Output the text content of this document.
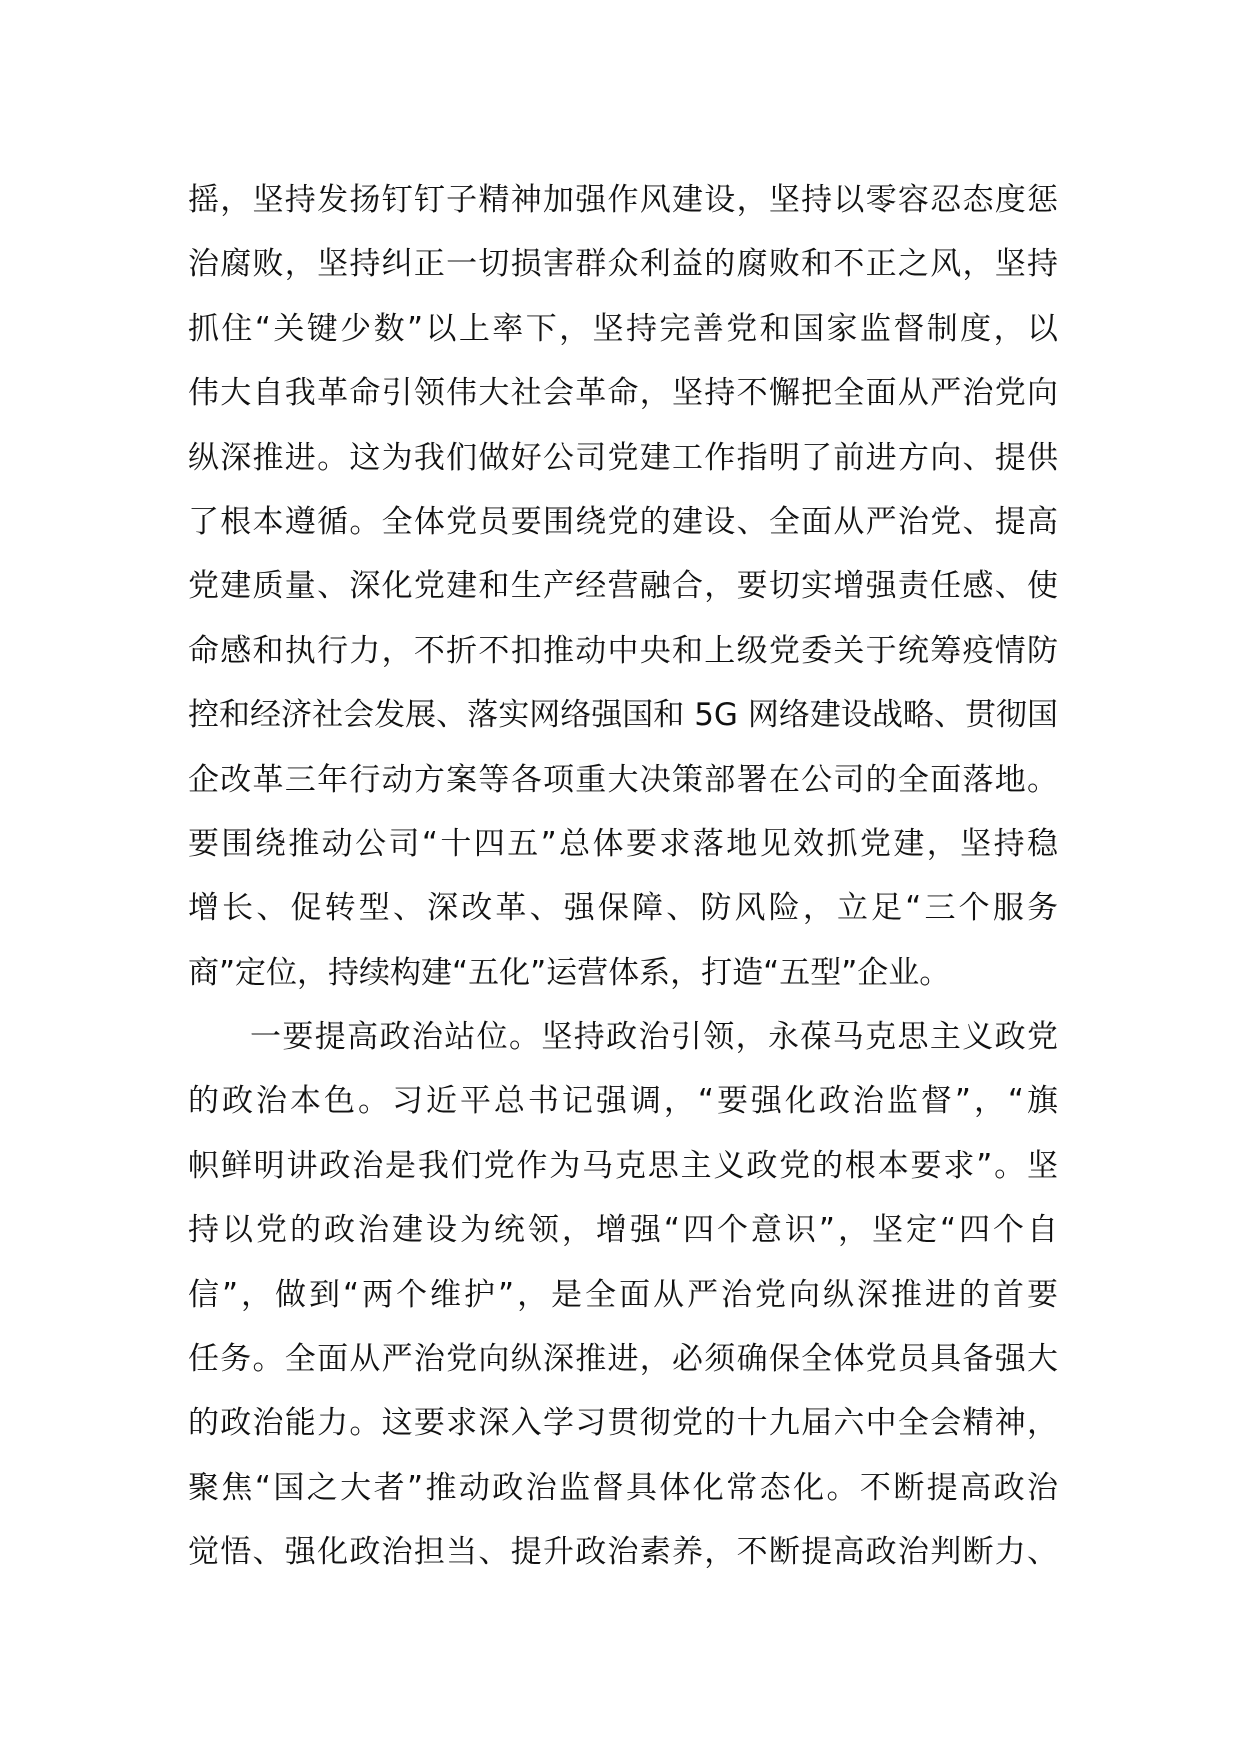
摇，坚持发扬钉钉子精神加强作风建设，坚持以零容忍态度惩
治腐败，坚持纠正一切损害群众利益的腐败和不正之风，坚持
抓住“关键少数”以上率下，坚持完善党和国家监督制度，以
伟大自我革命引领伟大社会革命，坚持不懈把全面从严治党向
纵深推进。这为我们做好公司党建工作指明了前进方向、提供
了根本遵循。全体党员要围绕党的建设、全面从严治党、提高
党建质量、深化党建和生产经营融合，要切实增强责任感、使
命感和执行力，不折不扣推动中央和上级党委关于统筹疫情防
控和经济社会发展、落实网络强国和 5G 网络建设战略、贯彻国
企改革三年行动方案等各项重大决策部署在公司的全面落地。
要围绕推动公司“十四五”总体要求落地见效抓党建，坚持稳
增长、促转型、深改革、强保障、防风险，立足“三个服务
商”定位，持续构建“五化”运营体系，打造“五型”企业。
一要提高政治站位。坚持政治引领，永葆马克思主义政党
的政治本色。习近平总书记强调，“要强化政治监督”，“旗
帜鲜明讲政治是我们党作为马克思主义政党的根本要求”。坚
持以党的政治建设为统领，增强“四个意识”，坚定“四个自
信”，做到“两个维护”，是全面从严治党向纵深推进的首要
任务。全面从严治党向纵深推进，必须确保全体党员具备强大
的政治能力。这要求深入学习贯彻党的十九届六中全会精神，
聚焦“国之大者”推动政治监督具体化常态化。不断提高政治
觉悟、强化政治担当、提升政治素养，不断提高政治判断力、
